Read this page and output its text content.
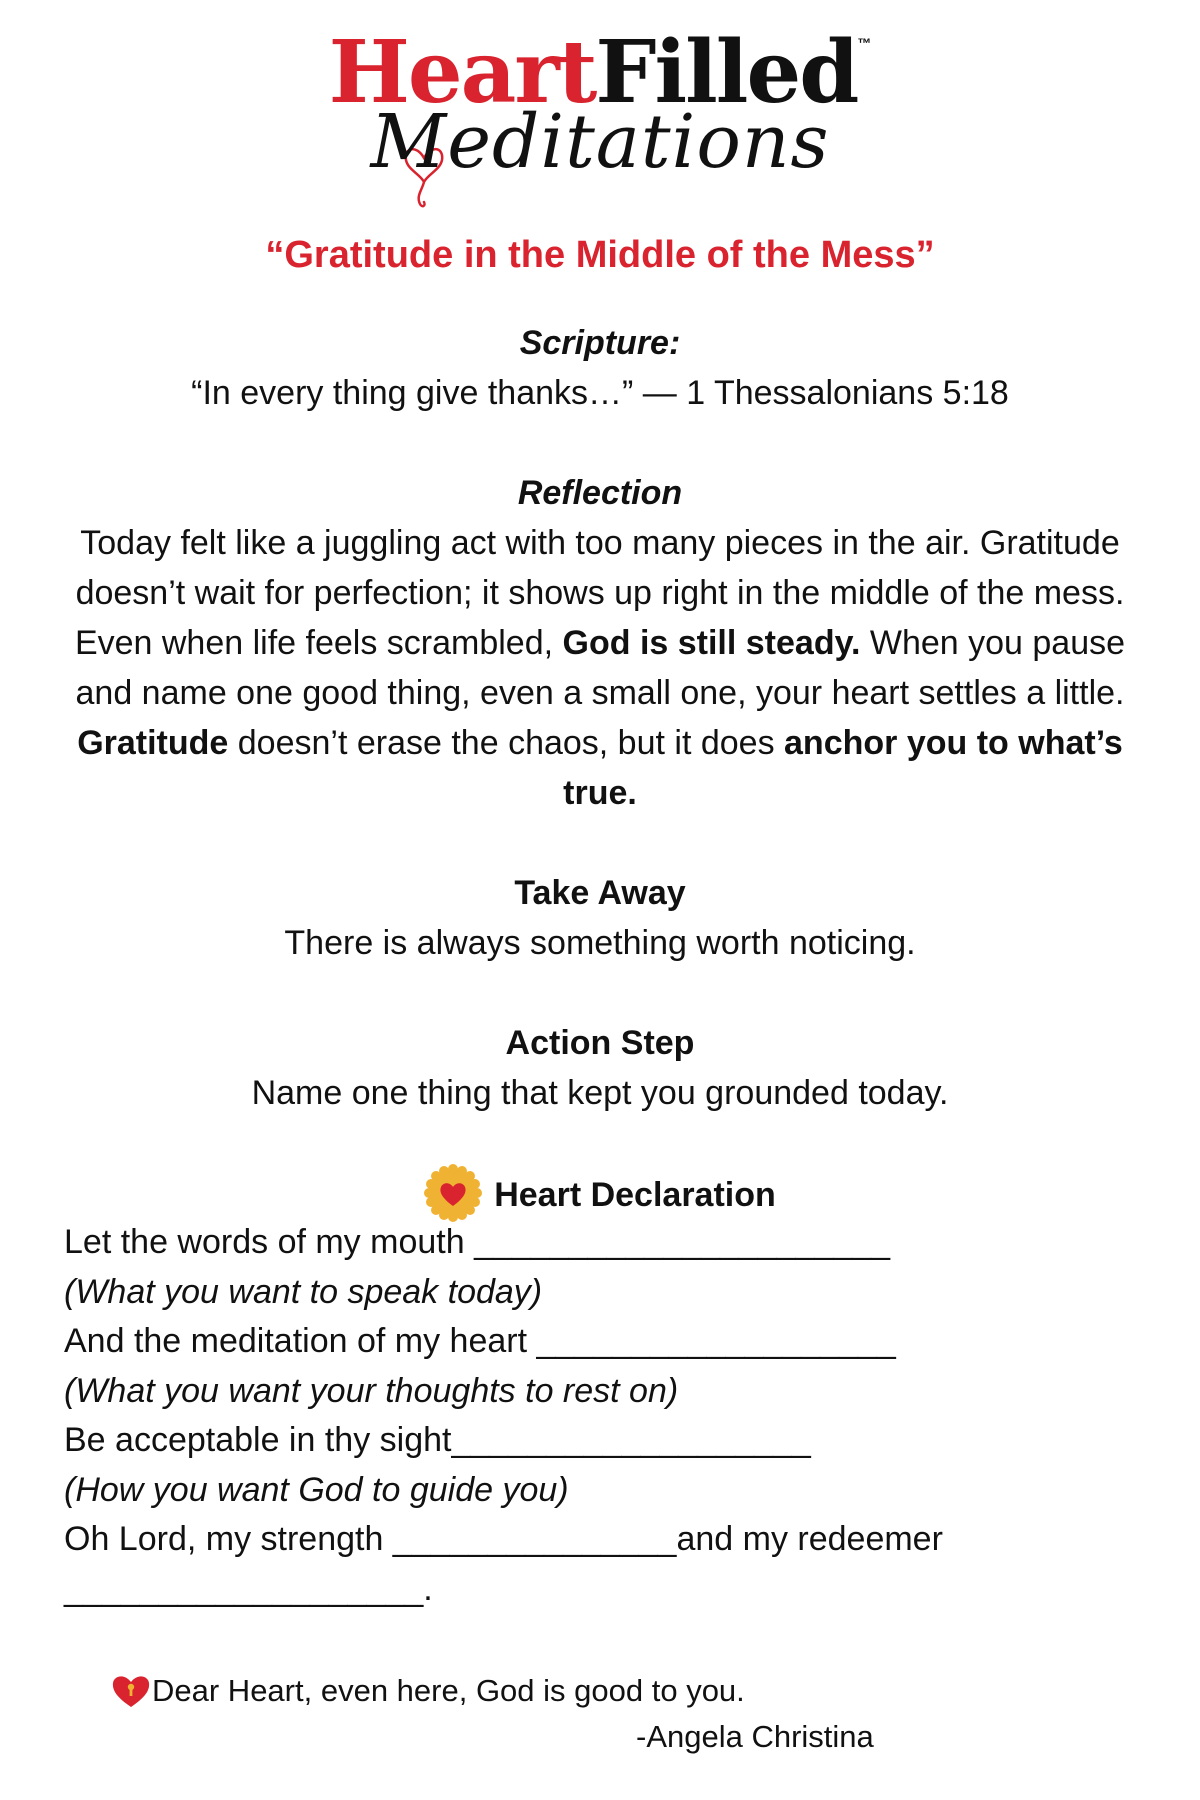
HeartFilled™
Meditations
“Gratitude in the Middle of the Mess”
Scripture:
“In every thing give thanks…” — 1 Thessalonians 5:18
Reflection
Today felt like a juggling act with too many pieces in the air. Gratitude doesn’t wait for perfection; it shows up right in the middle of the mess. Even when life feels scrambled, God is still steady. When you pause and name one good thing, even a small one, your heart settles a little. Gratitude doesn’t erase the chaos, but it does anchor you to what’s true.
Take Away
There is always something worth noticing.
Action Step
Name one thing that kept you grounded today.
Heart Declaration
Let the words of my mouth ______________________
(What you want to speak today)
And the meditation of my heart ___________________
(What you want your thoughts to rest on)
Be acceptable in thy sight___________________
(How you want God to guide you)
Oh Lord, my strength _______________and my redeemer
___________________.
Dear Heart, even here, God is good to you.
-Angela Christina
